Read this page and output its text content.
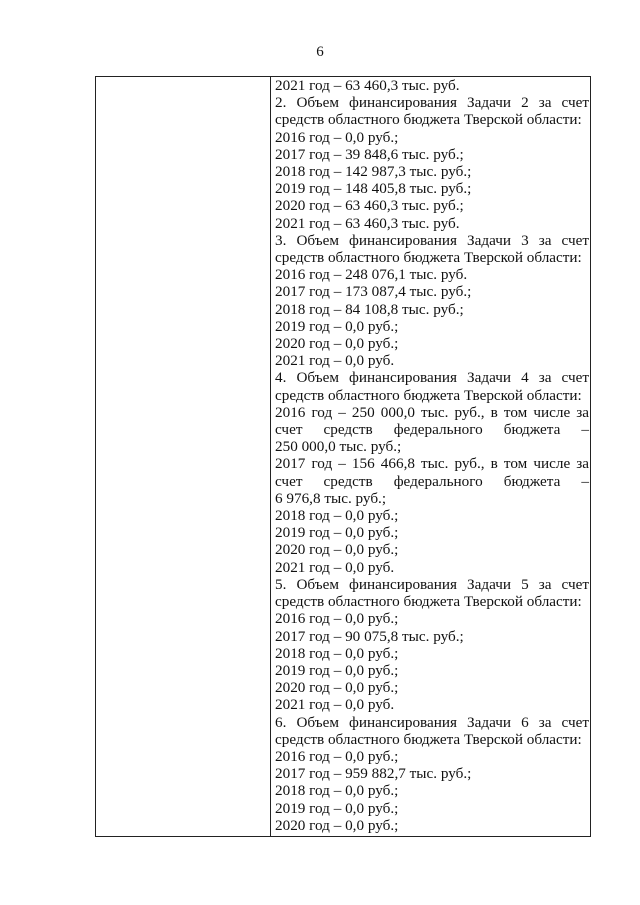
6
2021 год – 63 460,3 тыс. руб.
2. Объем финансирования Задачи 2 за счет
средств областного бюджета Тверской области:
2016 год – 0,0 руб.;
2017 год – 39 848,6 тыс. руб.;
2018 год – 142 987,3 тыс. руб.;
2019 год – 148 405,8 тыс. руб.;
2020 год – 63 460,3 тыс. руб.;
2021 год – 63 460,3 тыс. руб.
3. Объем финансирования Задачи 3 за счет
средств областного бюджета Тверской области:
2016 год – 248 076,1 тыс. руб.
2017 год – 173 087,4 тыс. руб.;
2018 год – 84 108,8 тыс. руб.;
2019 год – 0,0 руб.;
2020 год – 0,0 руб.;
2021 год – 0,0 руб.
4. Объем финансирования Задачи 4 за счет
средств областного бюджета Тверской области:
2016 год – 250 000,0 тыс. руб., в том числе за
счет средств федерального бюджета –
250 000,0 тыс. руб.;
2017 год – 156 466,8 тыс. руб., в том числе за
счет средств федерального бюджета –
6 976,8 тыс. руб.;
2018 год – 0,0 руб.;
2019 год – 0,0 руб.;
2020 год – 0,0 руб.;
2021 год – 0,0 руб.
5. Объем финансирования Задачи 5 за счет
средств областного бюджета Тверской области:
2016 год – 0,0 руб.;
2017 год – 90 075,8 тыс. руб.;
2018 год – 0,0 руб.;
2019 год – 0,0 руб.;
2020 год – 0,0 руб.;
2021 год – 0,0 руб.
6. Объем финансирования Задачи 6 за счет
средств областного бюджета Тверской области:
2016 год – 0,0 руб.;
2017 год – 959 882,7 тыс. руб.;
2018 год – 0,0 руб.;
2019 год – 0,0 руб.;
2020 год – 0,0 руб.;
